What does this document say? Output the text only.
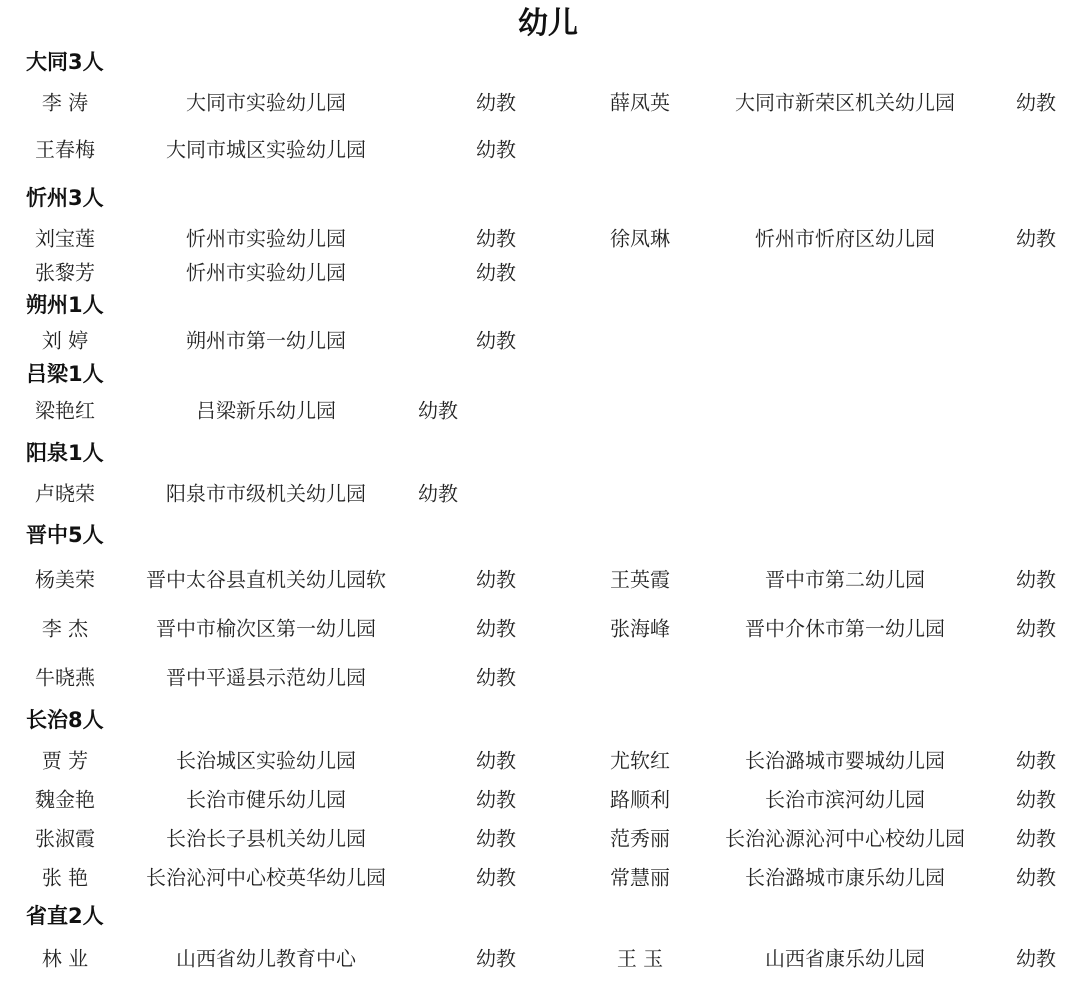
幼儿
大同3人
李 涛	大同市实验幼儿园	幼教	薛凤英	大同市新荣区机关幼儿园	幼教
王春梅	大同市城区实验幼儿园	幼教
忻州3人
刘宝莲	忻州市实验幼儿园	幼教	徐凤琳	忻州市忻府区幼儿园	幼教
张黎芳	忻州市实验幼儿园	幼教
朔州1人
刘 婷	朔州市第一幼儿园	幼教
吕梁1人
梁艳红	吕梁新乐幼儿园	幼教
阳泉1人
卢晓荣	阳泉市市级机关幼儿园	幼教
晋中5人
杨美荣	晋中太谷县直机关幼儿园软	幼教	王英霞	晋中市第二幼儿园	幼教
李 杰	晋中市榆次区第一幼儿园	幼教	张海峰	晋中介休市第一幼儿园	幼教
牛晓燕	晋中平遥县示范幼儿园	幼教
长治8人
贾 芳	长治城区实验幼儿园	幼教	尤软红	长治潞城市婴城幼儿园	幼教
魏金艳	长治市健乐幼儿园	幼教	路顺利	长治市滨河幼儿园	幼教
张淑霞	长治长子县机关幼儿园	幼教	范秀丽	长治沁源沁河中心校幼儿园	幼教
张 艳	长治沁河中心校英华幼儿园	幼教	常慧丽	长治潞城市康乐幼儿园	幼教
省直2人
林 业	山西省幼儿教育中心	幼教	王 玉	山西省康乐幼儿园	幼教
